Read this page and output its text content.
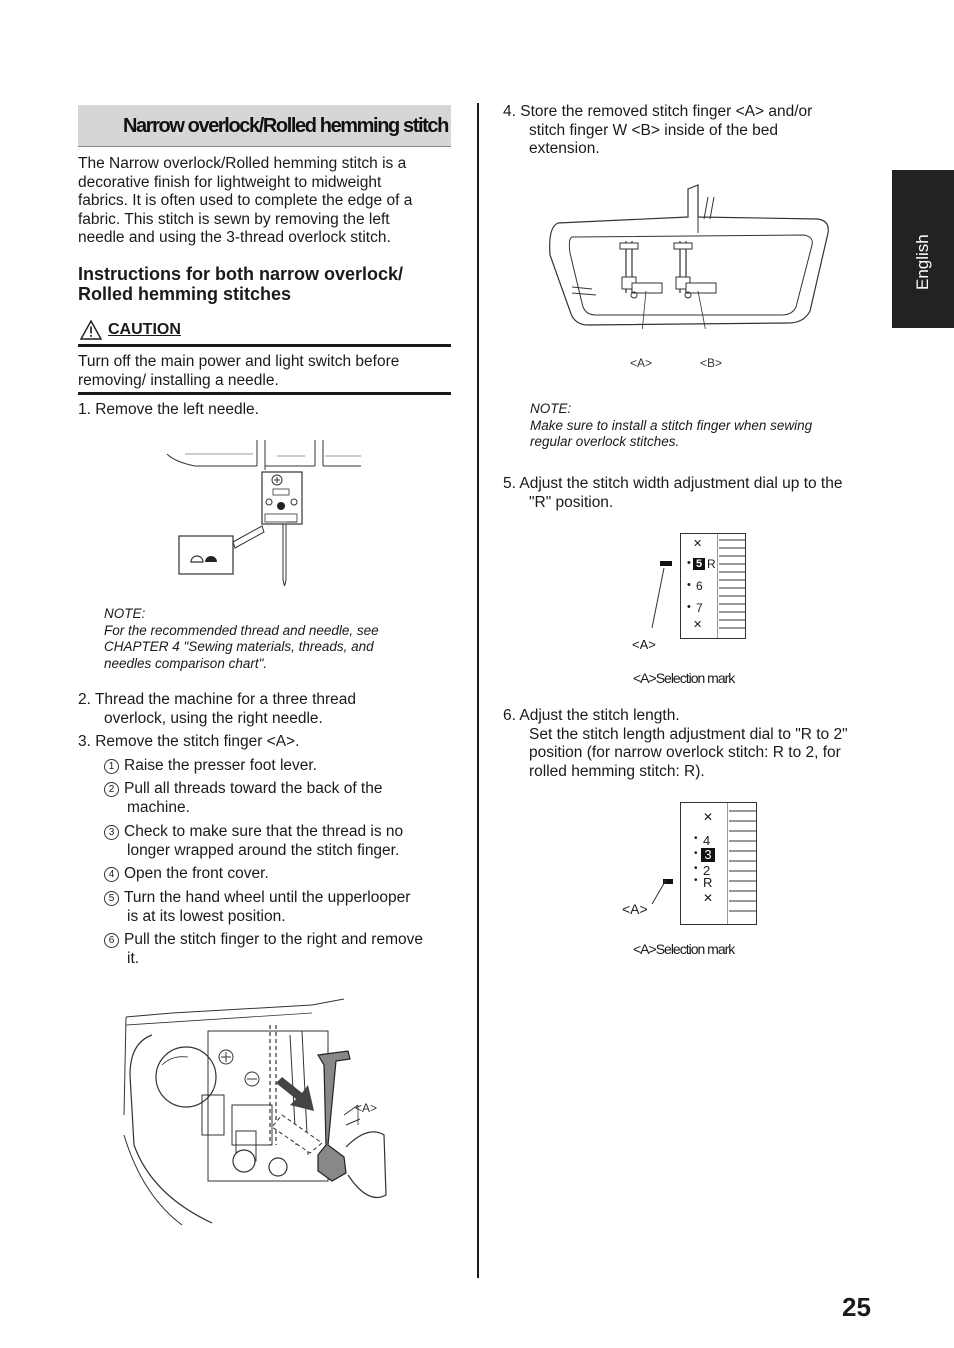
Narrow overlock/Rolled hemming stitch
The Narrow overlock/Rolled hemming stitch is a
decorative finish for lightweight to midweight
fabrics. It is often used to complete the edge of a
fabric. This stitch is sewn by removing the left
needle and using the 3-thread overlock stitch.
Instructions for both narrow overlock/
Rolled hemming stitches
CAUTION
Turn off the main power and light switch before
removing/ installing a needle.
1. Remove the left needle.
NOTE:
For the recommended thread and needle, see
CHAPTER 4 "Sewing materials, threads, and
needles comparison chart".
2. Thread the machine for a three thread
overlock, using the right needle.
3. Remove the stitch finger <A>.
1 Raise the presser foot lever.
2 Pull all threads toward the back of the
machine.
3 Check to make sure that the thread is no
longer wrapped around the stitch finger.
4 Open the front cover.
5 Turn the hand wheel until the upperlooper
is at its lowest position.
6 Pull the stitch finger to the right and remove
it.
<A>
4. Store the removed stitch finger <A> and/or
stitch finger W <B> inside of the bed
extension.
<A>	<B>
NOTE:
Make sure to install a stitch finger when sewing
regular overlock stitches.
5. Adjust the stitch width adjustment dial up to the
"R" position.
✕
• 5 R
• 6
• 7
✕
<A>
<A>Selection mark
6. Adjust the stitch length.
Set the stitch length adjustment dial to "R to 2"
position (for narrow overlock stitch: R to 2, for
rolled hemming stitch: R).
✕
• 4
• 3
• 2
• R
✕
<A>
<A>Selection mark
English
25
